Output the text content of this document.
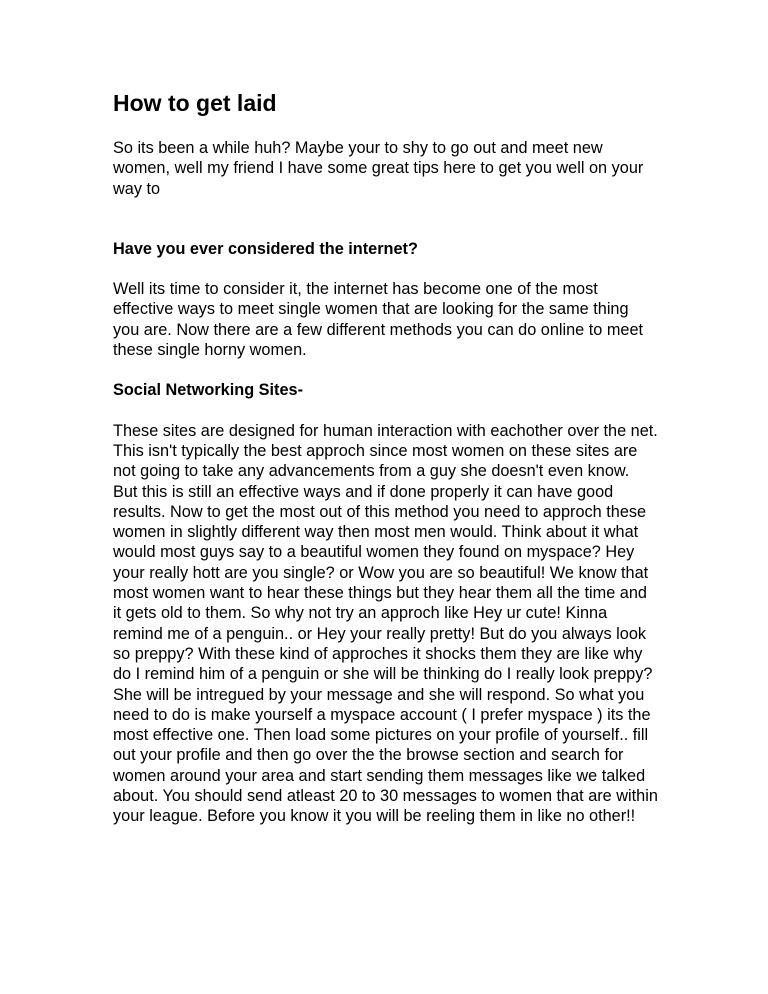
How to get laid

So its been a while huh? Maybe your to shy to go out and meet new women, well my friend I have some great tips here to get you well on your way to

Have you ever considered the internet?

Well its time to consider it, the internet has become one of the most effective ways to meet single women that are looking for the same thing you are. Now there are a few different methods you can do online to meet these single horny women.

Social Networking Sites-

These sites are designed for human interaction with eachother over the net. This isn't typically the best approch since most women on these sites are not going to take any advancements from a guy she doesn't even know. But this is still an effective ways and if done properly it can have good results. Now to get the most out of this method you need to approch these women in slightly different way then most men would. Think about it what would most guys say to a beautiful women they found on myspace? Hey your really hott are you single? or Wow you are so beautiful! We know that most women want to hear these things but they hear them all the time and it gets old to them. So why not try an approch like Hey ur cute! Kinna remind me of a penguin.. or Hey your really pretty! But do you always look so preppy? With these kind of approches it shocks them they are like why do I remind him of a penguin or she will be thinking do I really look preppy? She will be intregued by your message and she will respond. So what you need to do is make yourself a myspace account ( I prefer myspace ) its the most effective one. Then load some pictures on your profile of yourself.. fill out your profile and then go over the the browse section and search for women around your area and start sending them messages like we talked about. You should send atleast 20 to 30 messages to women that are within your league. Before you know it you will be reeling them in like no other!!
